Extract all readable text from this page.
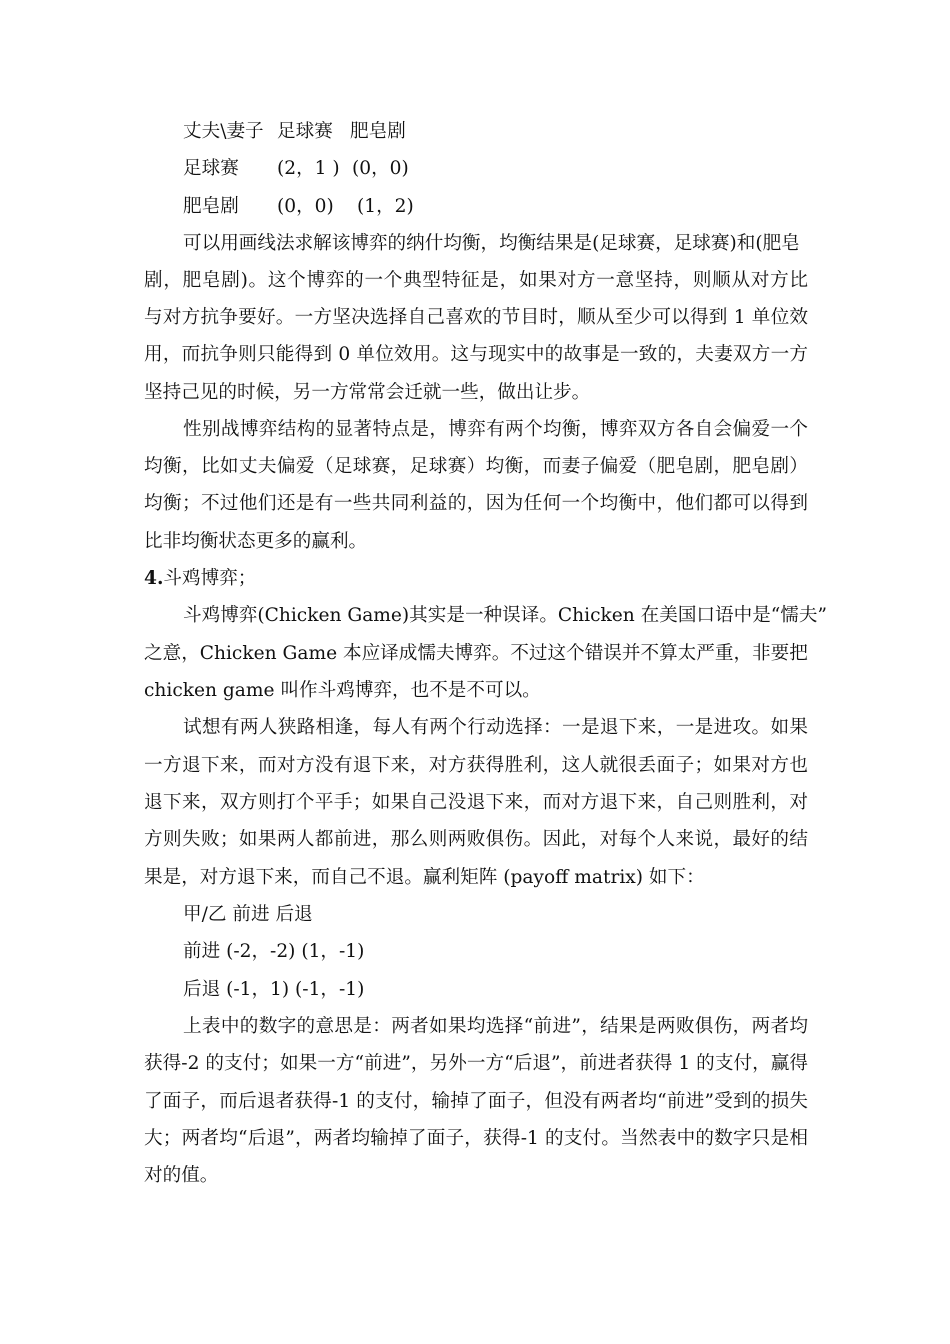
丈夫\妻子 足球赛 肥皂剧
足球赛 (2，1 ) (0，0)
肥皂剧 (0，0) (1，2)
可以用画线法求解该博弈的纳什均衡，均衡结果是(足球赛，足球赛)和(肥皂
剧，肥皂剧)。这个博弈的一个典型特征是，如果对方一意坚持，则顺从对方比
与对方抗争要好。一方坚决选择自己喜欢的节目时，顺从至少可以得到 1 单位效
用，而抗争则只能得到 0 单位效用。这与现实中的故事是一致的，夫妻双方一方
坚持己见的时候，另一方常常会迁就一些，做出让步。
性别战博弈结构的显著特点是，博弈有两个均衡，博弈双方各自会偏爱一个
均衡，比如丈夫偏爱（足球赛，足球赛）均衡，而妻子偏爱（肥皂剧，肥皂剧）
均衡；不过他们还是有一些共同利益的，因为任何一个均衡中，他们都可以得到
比非均衡状态更多的赢利。
4.斗鸡博弈；
斗鸡博弈(Chicken Game)其实是一种误译。Chicken 在美国口语中是“懦夫”
之意，Chicken Game 本应译成懦夫博弈。不过这个错误并不算太严重，非要把
chicken game 叫作斗鸡博弈，也不是不可以。
试想有两人狭路相逢，每人有两个行动选择：一是退下来，一是进攻。如果
一方退下来，而对方没有退下来，对方获得胜利，这人就很丢面子；如果对方也
退下来，双方则打个平手；如果自己没退下来，而对方退下来，自己则胜利，对
方则失败；如果两人都前进，那么则两败俱伤。因此，对每个人来说，最好的结
果是，对方退下来，而自己不退。赢利矩阵 (payoff matrix) 如下：
甲/乙 前进 后退
前进 (-2，-2) (1，-1)
后退 (-1，1) (-1，-1)
上表中的数字的意思是：两者如果均选择“前进”，结果是两败俱伤，两者均
获得-2 的支付；如果一方“前进”，另外一方“后退”，前进者获得 1 的支付，赢得
了面子，而后退者获得-1 的支付，输掉了面子，但没有两者均“前进”受到的损失
大；两者均“后退”，两者均输掉了面子，获得-1 的支付。当然表中的数字只是相
对的值。
